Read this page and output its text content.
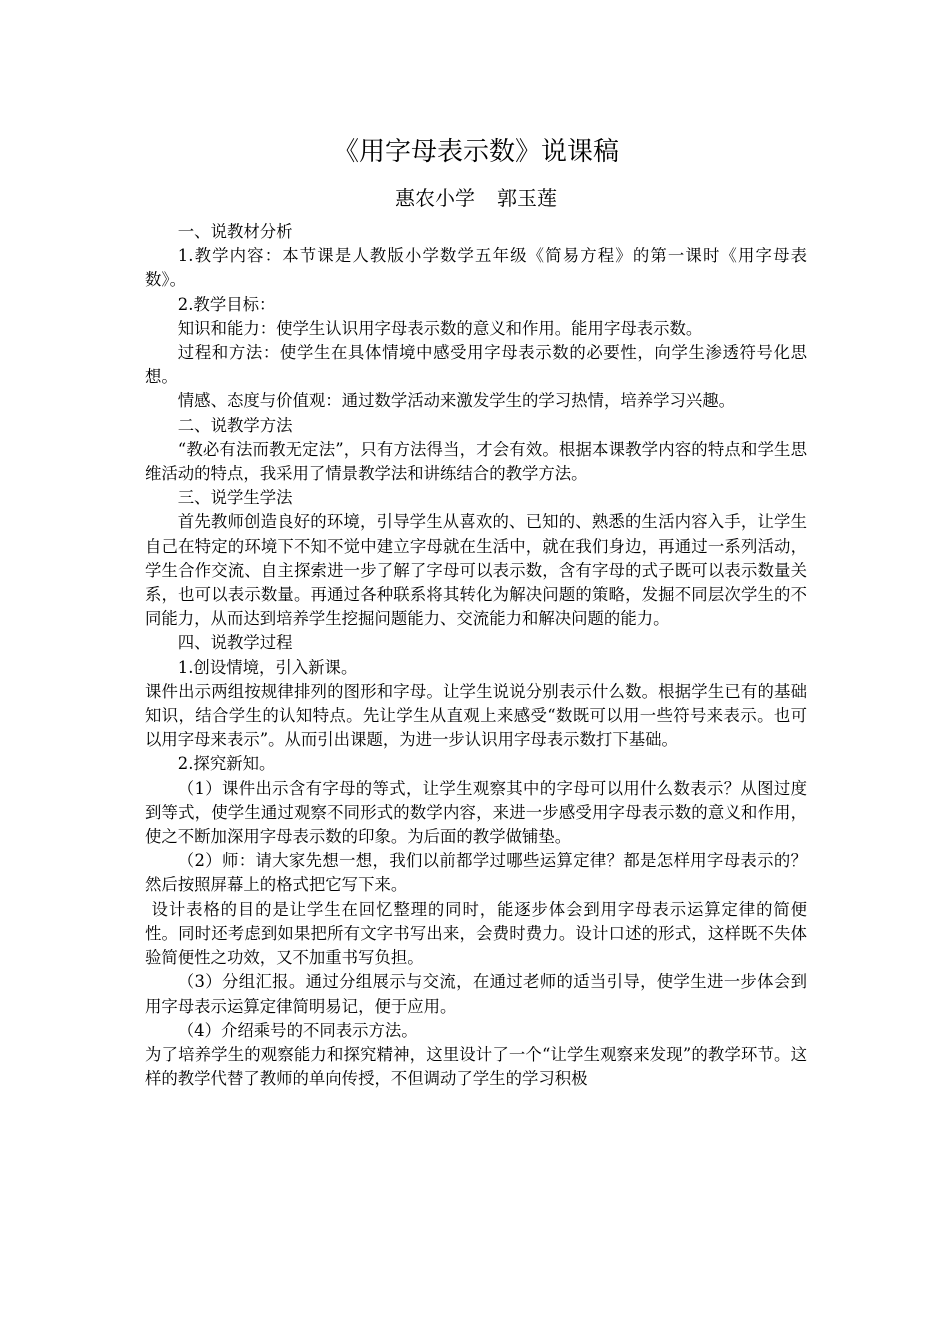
《用字母表示数》说课稿
惠农小学 郭玉莲

一、说教材分析

1.教学内容：本节课是人教版小学数学五年级《简易方程》的第一课时《用字母表数》。

2.教学目标：

知识和能力：使学生认识用字母表示数的意义和作用。能用字母表示数。

过程和方法：使学生在具体情境中感受用字母表示数的必要性，向学生渗透符号化思想。

情感、态度与价值观：通过数学活动来激发学生的学习热情，培养学习兴趣。

二、说教学方法

“教必有法而教无定法”，只有方法得当，才会有效。根据本课教学内容的特点和学生思维活动的特点，我采用了情景教学法和讲练结合的教学方法。

三、说学生学法

首先教师创造良好的环境，引导学生从喜欢的、已知的、熟悉的生活内容入手，让学生自己在特定的环境下不知不觉中建立字母就在生活中，就在我们身边，再通过一系列活动，学生合作交流、自主探索进一步了解了字母可以表示数，含有字母的式子既可以表示数量关系，也可以表示数量。再通过各种联系将其转化为解决问题的策略，发掘不同层次学生的不同能力，从而达到培养学生挖掘问题能力、交流能力和解决问题的能力。

四、说教学过程

1.创设情境，引入新课。

课件出示两组按规律排列的图形和字母。让学生说说分别表示什么数。根据学生已有的基础知识，结合学生的认知特点。先让学生从直观上来感受“数既可以用一些符号来表示。也可以用字母来表示”。从而引出课题，为进一步认识用字母表示数打下基础。

2.探究新知。

（1）课件出示含有字母的等式，让学生观察其中的字母可以用什么数表示？从图过度到等式，使学生通过观察不同形式的数学内容，来进一步感受用字母表示数的意义和作用，使之不断加深用字母表示数的印象。为后面的教学做铺垫。

（2）师：请大家先想一想，我们以前都学过哪些运算定律？都是怎样用字母表示的？然后按照屏幕上的格式把它写下来。

设计表格的目的是让学生在回忆整理的同时，能逐步体会到用字母表示运算定律的简便性。同时还考虑到如果把所有文字书写出来，会费时费力。设计口述的形式，这样既不失体验简便性之功效，又不加重书写负担。

（3）分组汇报。通过分组展示与交流，在通过老师的适当引导，使学生进一步体会到用字母表示运算定律简明易记，便于应用。

（4）介绍乘号的不同表示方法。

为了培养学生的观察能力和探究精神，这里设计了一个“让学生观察来发现”的教学环节。这样的教学代替了教师的单向传授，不但调动了学生的学习积极
